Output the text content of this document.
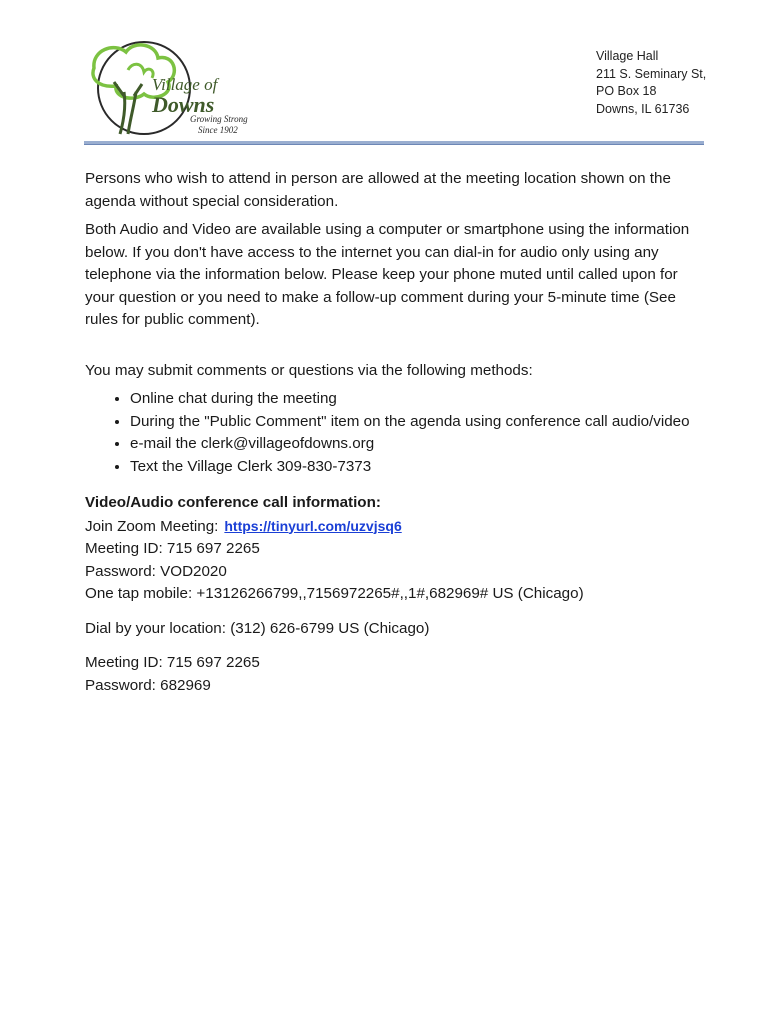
Village of
Downs
Growing Strong
Since 1902
Village Hall
211 S. Seminary St,
PO Box 18
Downs, IL 61736

Persons who wish to attend in person are allowed at the meeting location shown on the agenda without special consideration.

Both Audio and Video are available using a computer or smartphone using the information below. If you don't have access to the internet you can dial-in for audio only using any telephone via the information below. Please keep your phone muted until called upon for your question or you need to make a follow-up comment during your 5-minute time (See rules for public comment).

You may submit comments or questions via the following methods:

• Online chat during the meeting
• During the "Public Comment" item on the agenda using conference call audio/video
• e-mail the clerk@villageofdowns.org
• Text the Village Clerk 309-830-7373

Video/Audio conference call information:

Join Zoom Meeting: https://tinyurl.com/uzvjsq6

Meeting ID: 715 697 2265

Password: VOD2020

One tap mobile: +13126266799,,7156972265#,,1#,682969# US (Chicago)

Dial by your location: (312) 626-6799 US (Chicago)

Meeting ID: 715 697 2265

Password: 682969
